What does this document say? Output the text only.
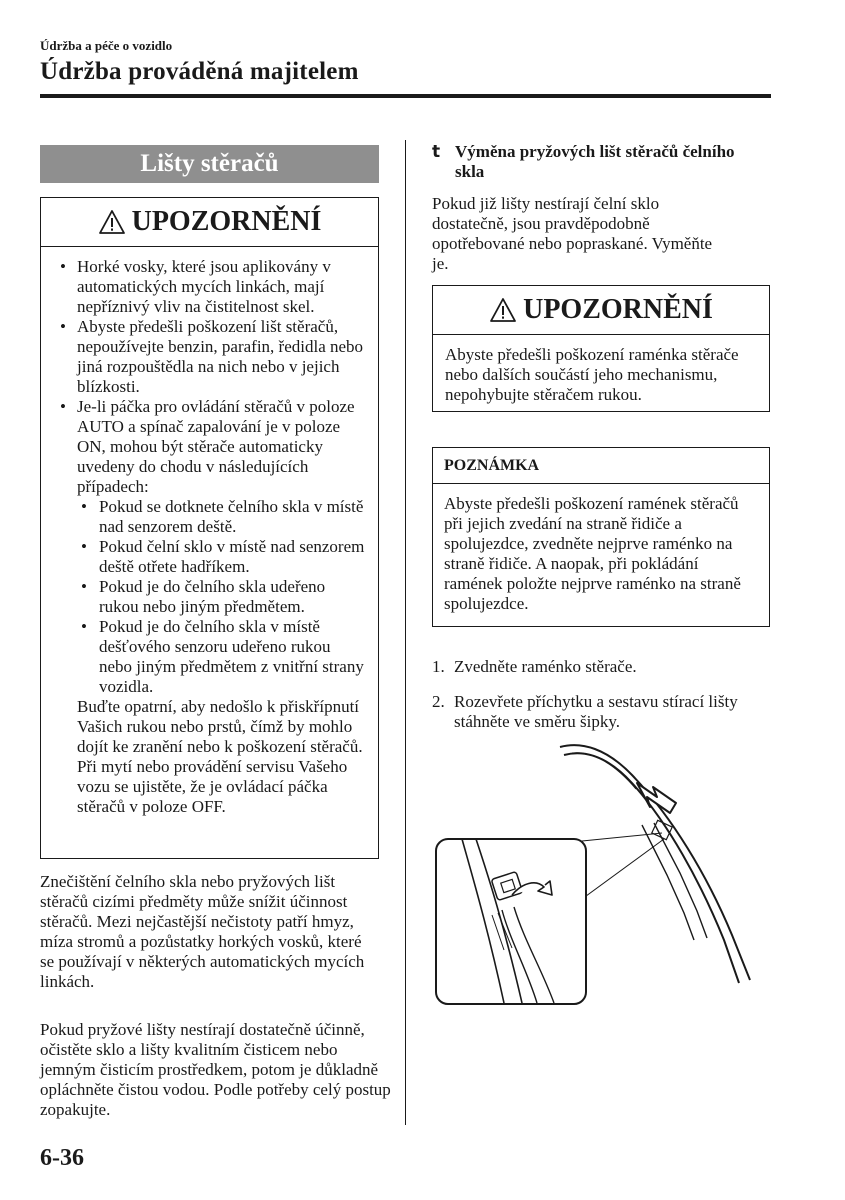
Údržba a péče o vozidlo
Údržba prováděná majitelem
Lišty stěračů
UPOZORNĚNÍ
• Horké vosky, které jsou aplikovány v automatických mycích linkách, mají nepříznivý vliv na čistitelnost skel.
• Abyste předešli poškození lišt stěračů, nepoužívejte benzin, parafin, ředidla nebo jiná rozpouštědla na nich nebo v jejich blízkosti.
• Je-li páčka pro ovládání stěračů v poloze AUTO a spínač zapalování je v poloze ON, mohou být stěrače automaticky uvedeny do chodu v následujících případech:
• Pokud se dotknete čelního skla v místě nad senzorem deště.
• Pokud čelní sklo v místě nad senzorem deště otřete hadříkem.
• Pokud je do čelního skla udeřeno rukou nebo jiným předmětem.
• Pokud je do čelního skla v místě dešťového senzoru udeřeno rukou nebo jiným předmětem z vnitřní strany vozidla.
Buďte opatrní, aby nedošlo k přiskřípnutí Vašich rukou nebo prstů, čímž by mohlo dojít ke zranění nebo k poškození stěračů. Při mytí nebo provádění servisu Vašeho vozu se ujistěte, že je ovládací páčka stěračů v poloze OFF.
Znečištění čelního skla nebo pryžových lišt stěračů cizími předměty může snížit účinnost stěračů. Mezi nejčastější nečistoty patří hmyz, míza stromů a pozůstatky horkých vosků, které se používají v některých automatických mycích linkách.
Pokud pryžové lišty nestírají dostatečně účinně, očistěte sklo a lišty kvalitním čisticem nebo jemným čisticím prostředkem, potom je důkladně opláchněte čistou vodou. Podle potřeby celý postup zopakujte.
t Výměna pryžových lišt stěračů čelního skla
Pokud již lišty nestírají čelní sklo dostatečně, jsou pravděpodobně opotřebované nebo popraskané. Vyměňte je.
UPOZORNĚNÍ
Abyste předešli poškození raménka stěrače nebo dalších součástí jeho mechanismu, nepohybujte stěračem rukou.
POZNÁMKA
Abyste předešli poškození ramének stěračů při jejich zvedání na straně řidiče a spolujezdce, zvedněte nejprve raménko na straně řidiče. A naopak, při pokládání ramének položte nejprve raménko na straně spolujezdce.
1. Zvedněte raménko stěrače.
2. Rozevřete příchytku a sestavu stírací lišty stáhněte ve směru šipky.
6-36
